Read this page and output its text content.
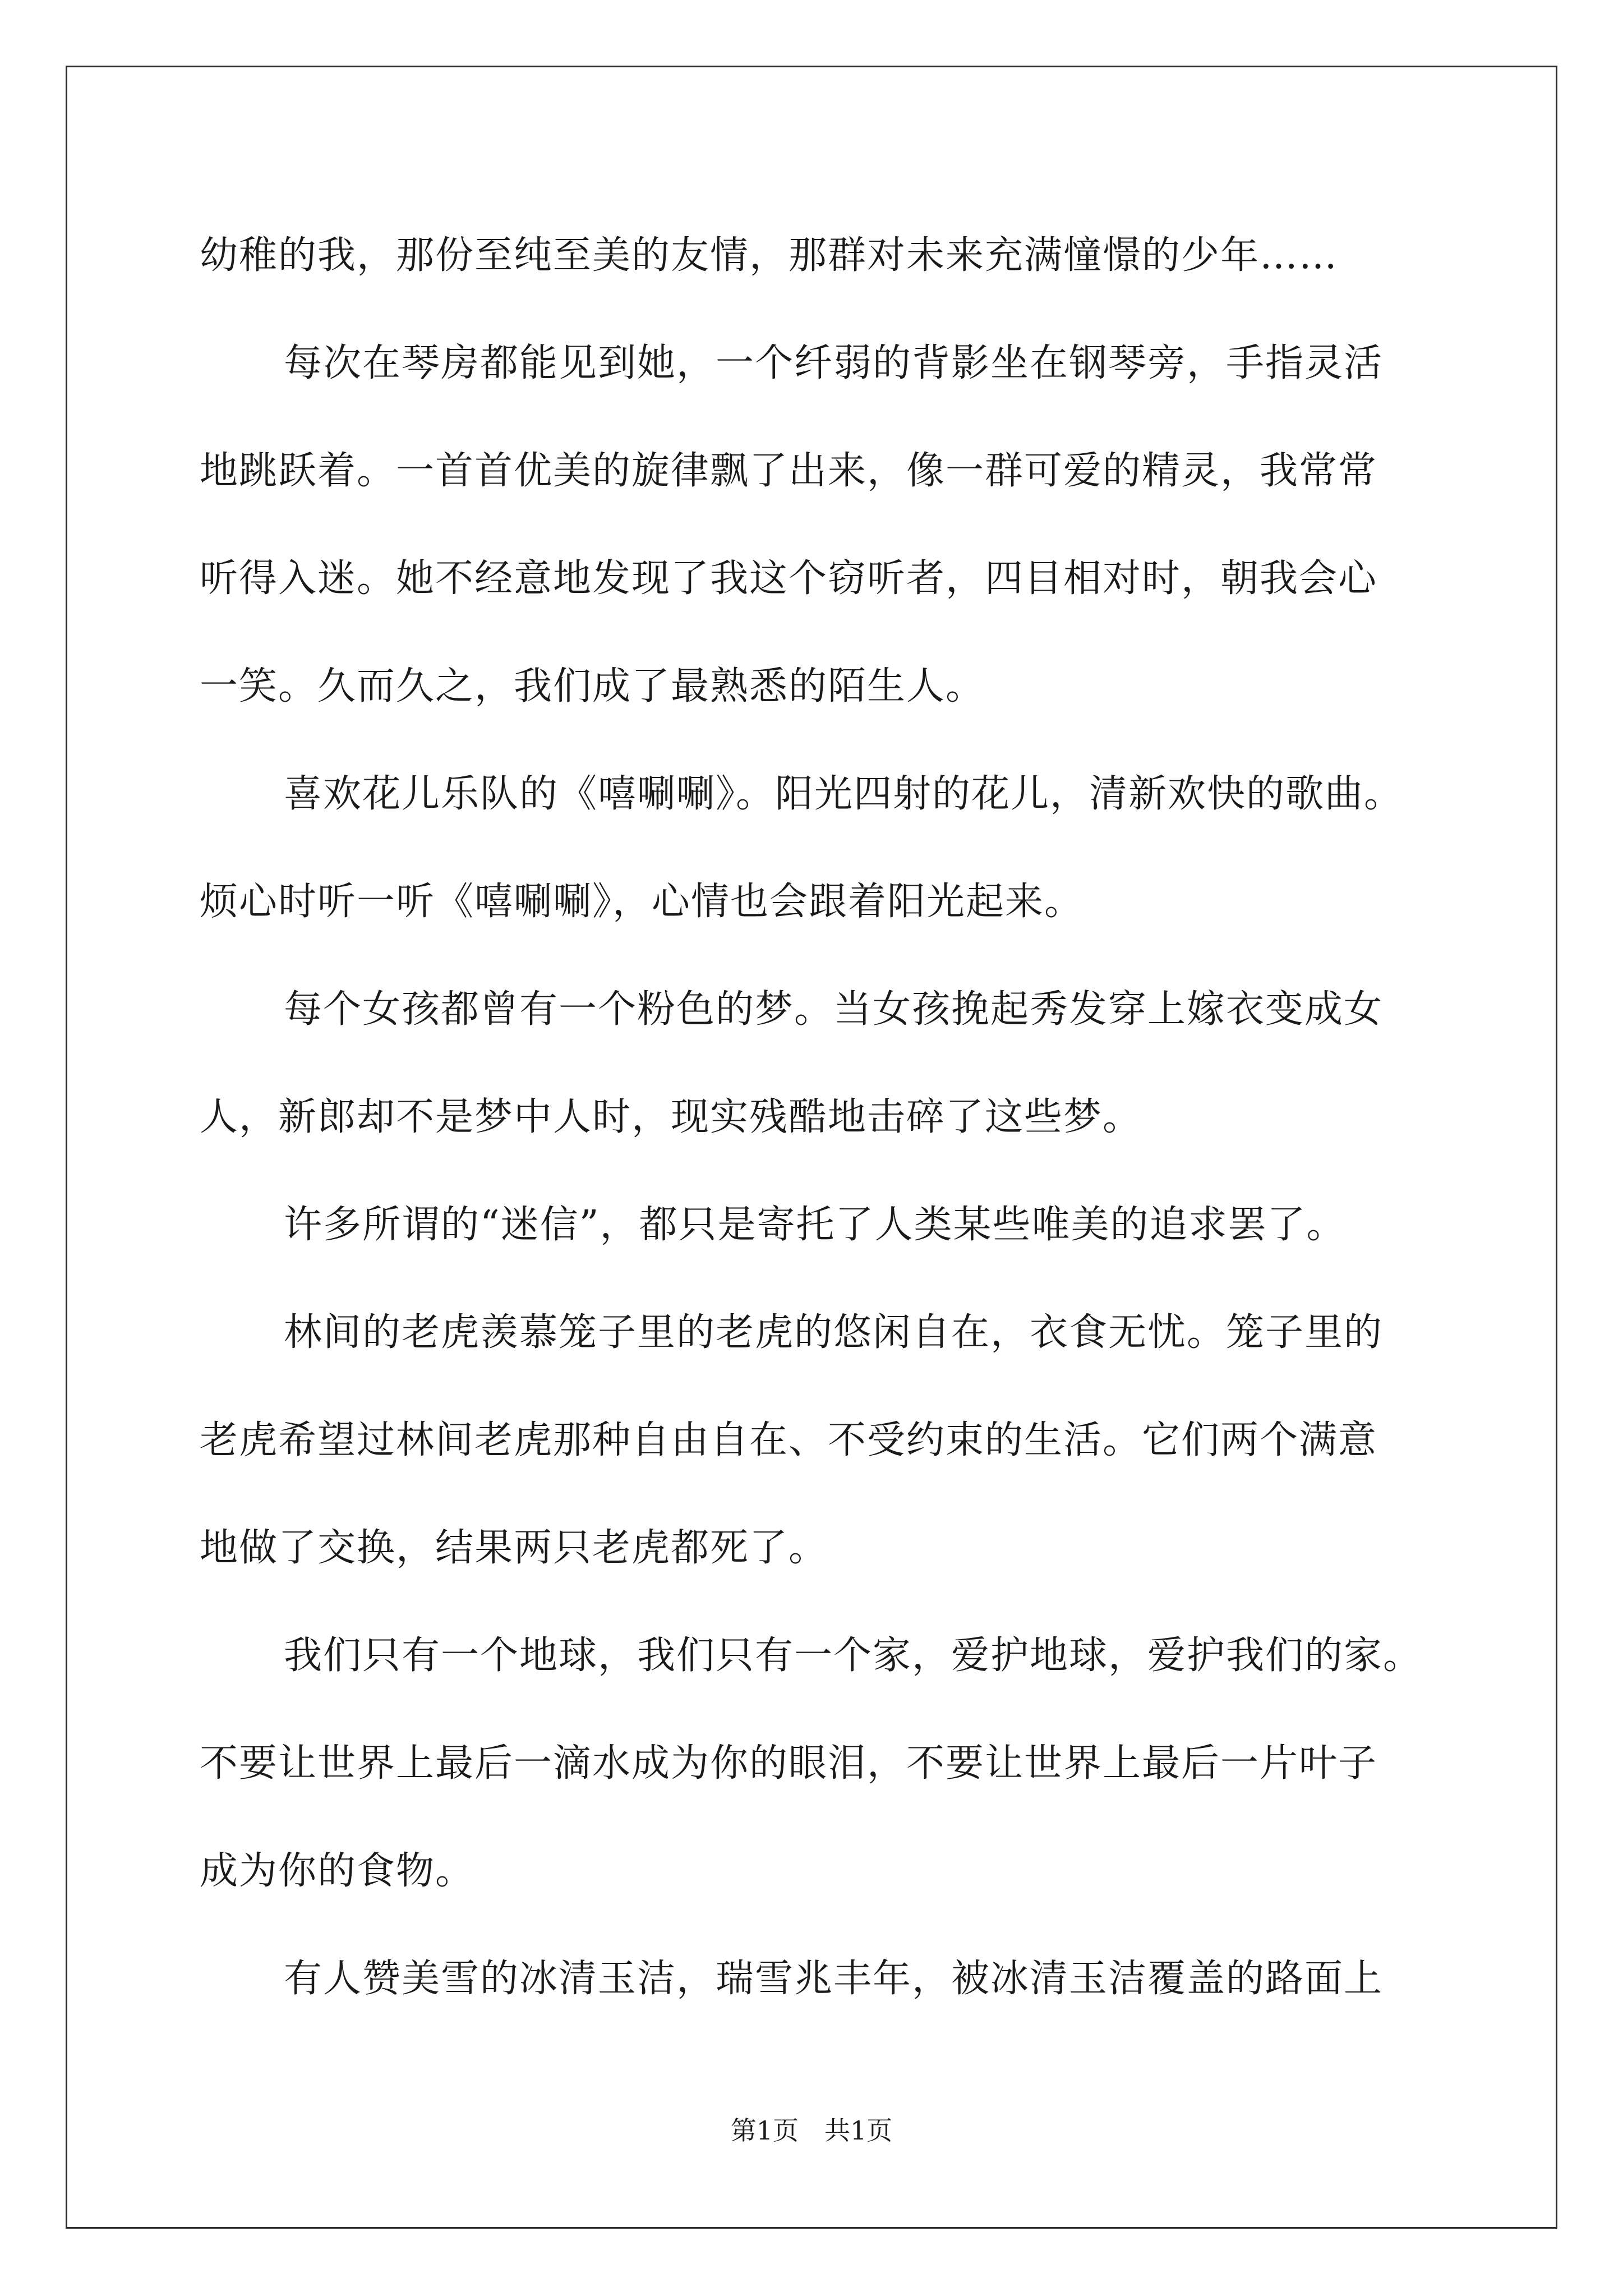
幼稚的我，那份至纯至美的友情，那群对未来充满憧憬的少年……
每次在琴房都能见到她，一个纤弱的背影坐在钢琴旁，手指灵活
地跳跃着。一首首优美的旋律飘了出来，像一群可爱的精灵，我常常
听得入迷。她不经意地发现了我这个窃听者，四目相对时，朝我会心
一笑。久而久之，我们成了最熟悉的陌生人。
喜欢花儿乐队的《嘻唰唰》。阳光四射的花儿，清新欢快的歌曲。
烦心时听一听《嘻唰唰》，心情也会跟着阳光起来。
每个女孩都曾有一个粉色的梦。当女孩挽起秀发穿上嫁衣变成女
人，新郎却不是梦中人时，现实残酷地击碎了这些梦。
许多所谓的“迷信”，都只是寄托了人类某些唯美的追求罢了。
林间的老虎羡慕笼子里的老虎的悠闲自在，衣食无忧。笼子里的
老虎希望过林间老虎那种自由自在、不受约束的生活。它们两个满意
地做了交换，结果两只老虎都死了。
我们只有一个地球，我们只有一个家，爱护地球，爱护我们的家。
不要让世界上最后一滴水成为你的眼泪，不要让世界上最后一片叶子
成为你的食物。
有人赞美雪的冰清玉洁，瑞雪兆丰年，被冰清玉洁覆盖的路面上
第1页　共1页
